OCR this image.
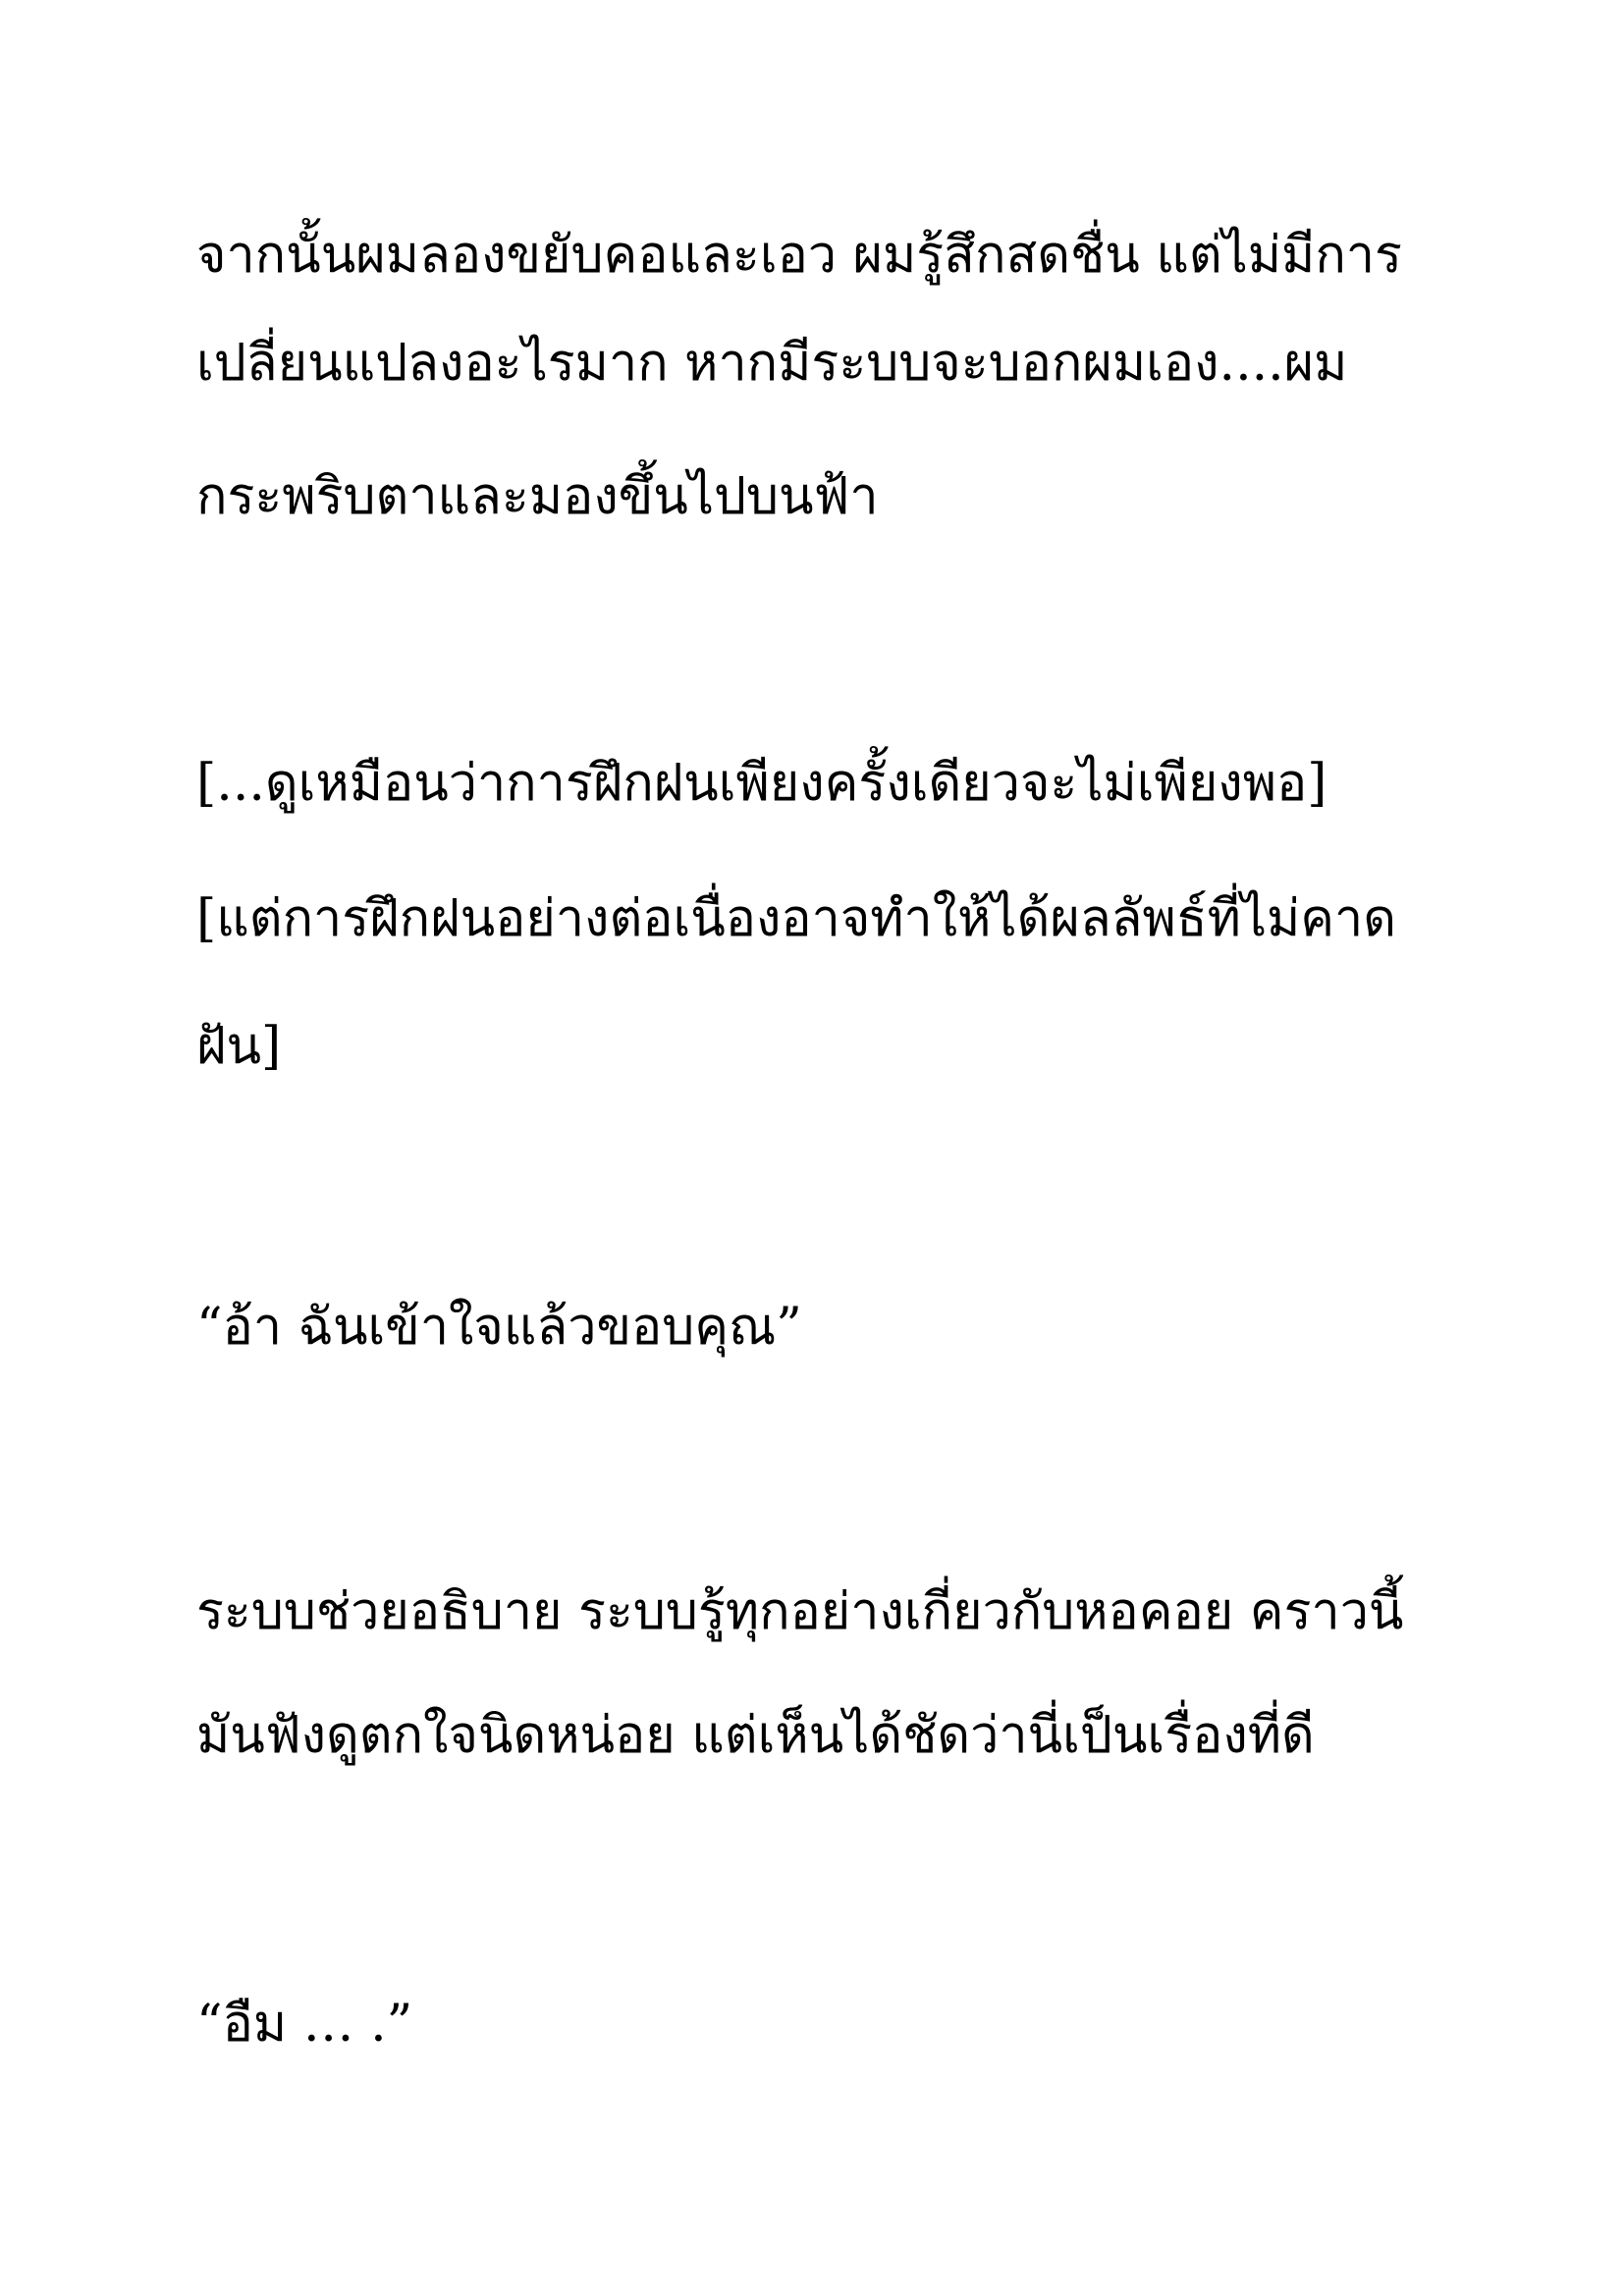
จากนั้นผมลองขยับคอและเอว ผมรู้สึกสดชื่น แต่ไม่มีการ

เปลี่ยนแปลงอะไรมาก หากมีระบบจะบอกผมเอง....ผม

กระพริบตาและมองขึ้นไปบนฟ้า

[...ดูเหมือนว่าการฝึกฝนเพียงครั้งเดียวจะไม่เพียงพอ]

[แต่การฝึกฝนอย่างต่อเนื่องอาจทำให้ได้ผลลัพธ์ที่ไม่คาด

ฝัน]

“อ้า ฉันเข้าใจแล้วขอบคุณ”

ระบบช่วยอธิบาย ระบบรู้ทุกอย่างเกี่ยวกับหอคอย คราวนี้

มันฟังดูตกใจนิดหน่อย แต่เห็นได้ชัดว่านี่เป็นเรื่องที่ดี

“อืม … .”
